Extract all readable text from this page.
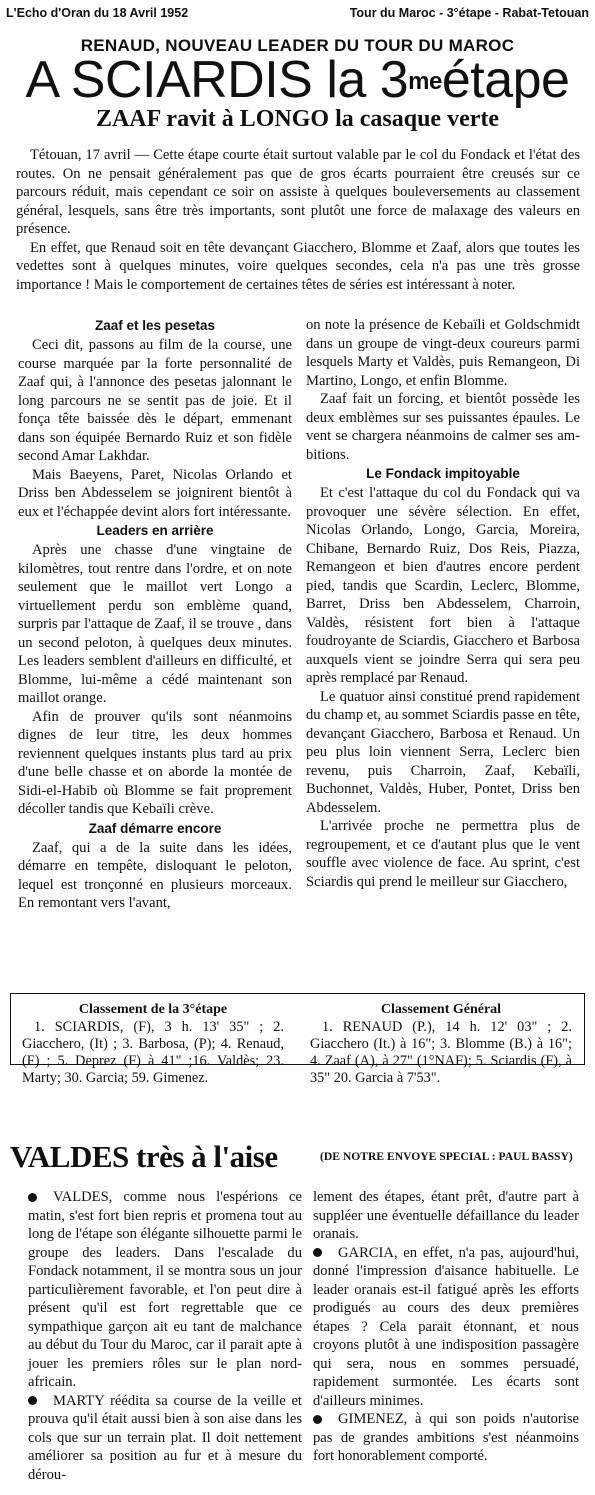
L'Echo d'Oran du 18 Avril 1952	Tour du Maroc - 3°étape - Rabat-Tetouan
RENAUD, NOUVEAU LEADER DU TOUR DU MAROC
A SCIARDIS la $3^{me}étape$
ZAAF ravit à LONGO la casaque verte

Tétouan, 17 avril — Cette étape courte était surtout valable par le col du Fondack et l'état des routes. On ne pensait généralement pas que de gros écarts pourraient être creusés sur ce parcours réduit, mais cependant ce soir on assiste à quelques bouleversements au classement général, lesquels, sans être très importants, sont plutôt une force de malaxage des valeurs en présence.

En effet, que Renaud soit en tête devançant Giacchero, Blomme et Zaaf, alors que toutes les vedettes sont à quelques minutes, voire quelques secondes, cela n'a pas une très grosse importance ! Mais le comportement de certaines têtes de séries est intéressant à noter.

Zaaf et les pesetas

Ceci dit, passons au film de la course, une course marquée par la forte personnalité de Zaaf qui, à l'annonce des pesetas jalonnant le long parcours ne se sentit pas de joie. Et il fonça tête baissée dès le départ, emmenant dans son équipée Bernardo Ruiz et son fidèle second Amar Lakhdar.

Mais Baeyens, Paret, Nicolas Orlando et Driss ben Abdesselem se joignirent bientôt à eux et l'échappée devint alors fort intéressante.

Leaders en arrière

Après une chasse d'une vingtaine de kilomètres, tout rentre dans l'ordre, et on note seulement que le maillot vert Longo a virtuellement perdu son emblème quand, surpris par l'attaque de Zaaf, il se trouve , dans un second peloton, à quelques deux minutes. Les leaders semblent d'ailleurs en difficulté, et Blomme, lui-même a cédé maintenant son maillot orange.

Afin de prouver qu'ils sont néanmoins dignes de leur titre, les deux hommes reviennent quelques instants plus tard au prix d'une belle chasse et on aborde la montée de Sidi-el-Habib où Blomme se fait proprement décoller tandis que Kebaïli crève.

Zaaf démarre encore

Zaaf, qui a de la suite dans les idées, démarre en tempête, disloquant le peloton, lequel est tronçonné en plusieurs morceaux. En remontant vers l'avant,

on note la présence de Kebaïli et Goldschmidt dans un groupe de vingt-deux coureurs parmi lesquels Marty et Valdès, puis Remangeon, Di Martino, Longo, et enfin Blomme.

Zaaf fait un forcing, et bientôt possède les deux emblèmes sur ses puissantes épaules. Le vent se chargera néanmoins de calmer ses am-bitions.

Le Fondack impitoyable

Et c'est l'attaque du col du Fondack qui va provoquer une sévère sélection. En effet, Nicolas Orlando, Longo, Garcia, Moreira, Chibane, Bernardo Ruiz, Dos Reis, Piazza, Remangeon et bien d'autres encore perdent pied, tandis que Scardin, Leclerc, Blomme, Barret, Driss ben Abdesselem, Charroin, Valdès, résistent fort bien à l'attaque foudroyante de Sciardis, Giacchero et Barbosa auxquels vient se joindre Serra qui sera peu après remplacé par Renaud.

Le quatuor ainsi constitué prend rapidement du champ et, au sommet Sciardis passe en tête, devançant Giacchero, Barbosa et Renaud. Un peu plus loin viennent Serra, Leclerc bien revenu, puis Charroin, Zaaf, Kebaïli, Buchonnet, Valdès, Huber, Pontet, Driss ben Abdesselem.

L'arrivée proche ne permettra plus de regroupement, et ce d'autant plus que le vent souffle avec violence de face. Au sprint, c'est Sciardis qui prend le meilleur sur Giacchero,

Classement de la 3°étape
1. SCIARDIS, (F), 3 h. 13' 35" ; 2. Giacchero, (It) ; 3. Barbosa, (P); 4. Renaud, (F) ; 5. Deprez (F) à 41" ;16. Valdès; 23. Marty; 30. Garcia; 59. Gimenez.
Classement Général
1. RENAUD (P.), 14 h. 12' 03" ; 2. Giacchero (It.) à 16"; 3. Blomme (B.) à 16"; 4. Zaaf (A), à 27" (1°NAF); 5. Sciardis (F), à 35" 20. Garcia à 7'53".
VALDES très à l'aise	(DE NOTRE ENVOYE SPECIAL : PAUL BASSY)

VALDES, comme nous l'espérions ce matin, s'est fort bien repris et promena tout au long de l'étape son élégante silhouette parmi le groupe des leaders. Dans l'escalade du Fondack notamment, il se montra sous un jour particulièrement favorable, et l'on peut dire à présent qu'il est fort regrettable que ce sympathique garçon ait eu tant de malchance au début du Tour du Maroc, car il parait apte à jouer les premiers rôles sur le plan nord-africain.

MARTY réédita sa course de la veille et prouva qu'il était aussi bien à son aise dans les cols que sur un terrain plat. Il doit nettement améliorer sa position au fur et à mesure du dérou-

lement des étapes, étant prêt, d'autre part à suppléer une éventuelle défaillance du leader oranais.

GARCIA, en effet, n'a pas, aujourd'hui, donné l'impression d'aisance habituelle. Le leader oranais est-il fatigué après les efforts prodigués au cours des deux premières étapes ? Cela parait étonnant, et nous croyons plutôt à une indisposition passagère qui sera, nous en sommes persuadé, rapidement surmontée. Les écarts sont d'ailleurs minimes.

GIMENEZ, à qui son poids n'autorise pas de grandes ambitions s'est néanmoins fort honorablement comporté.
